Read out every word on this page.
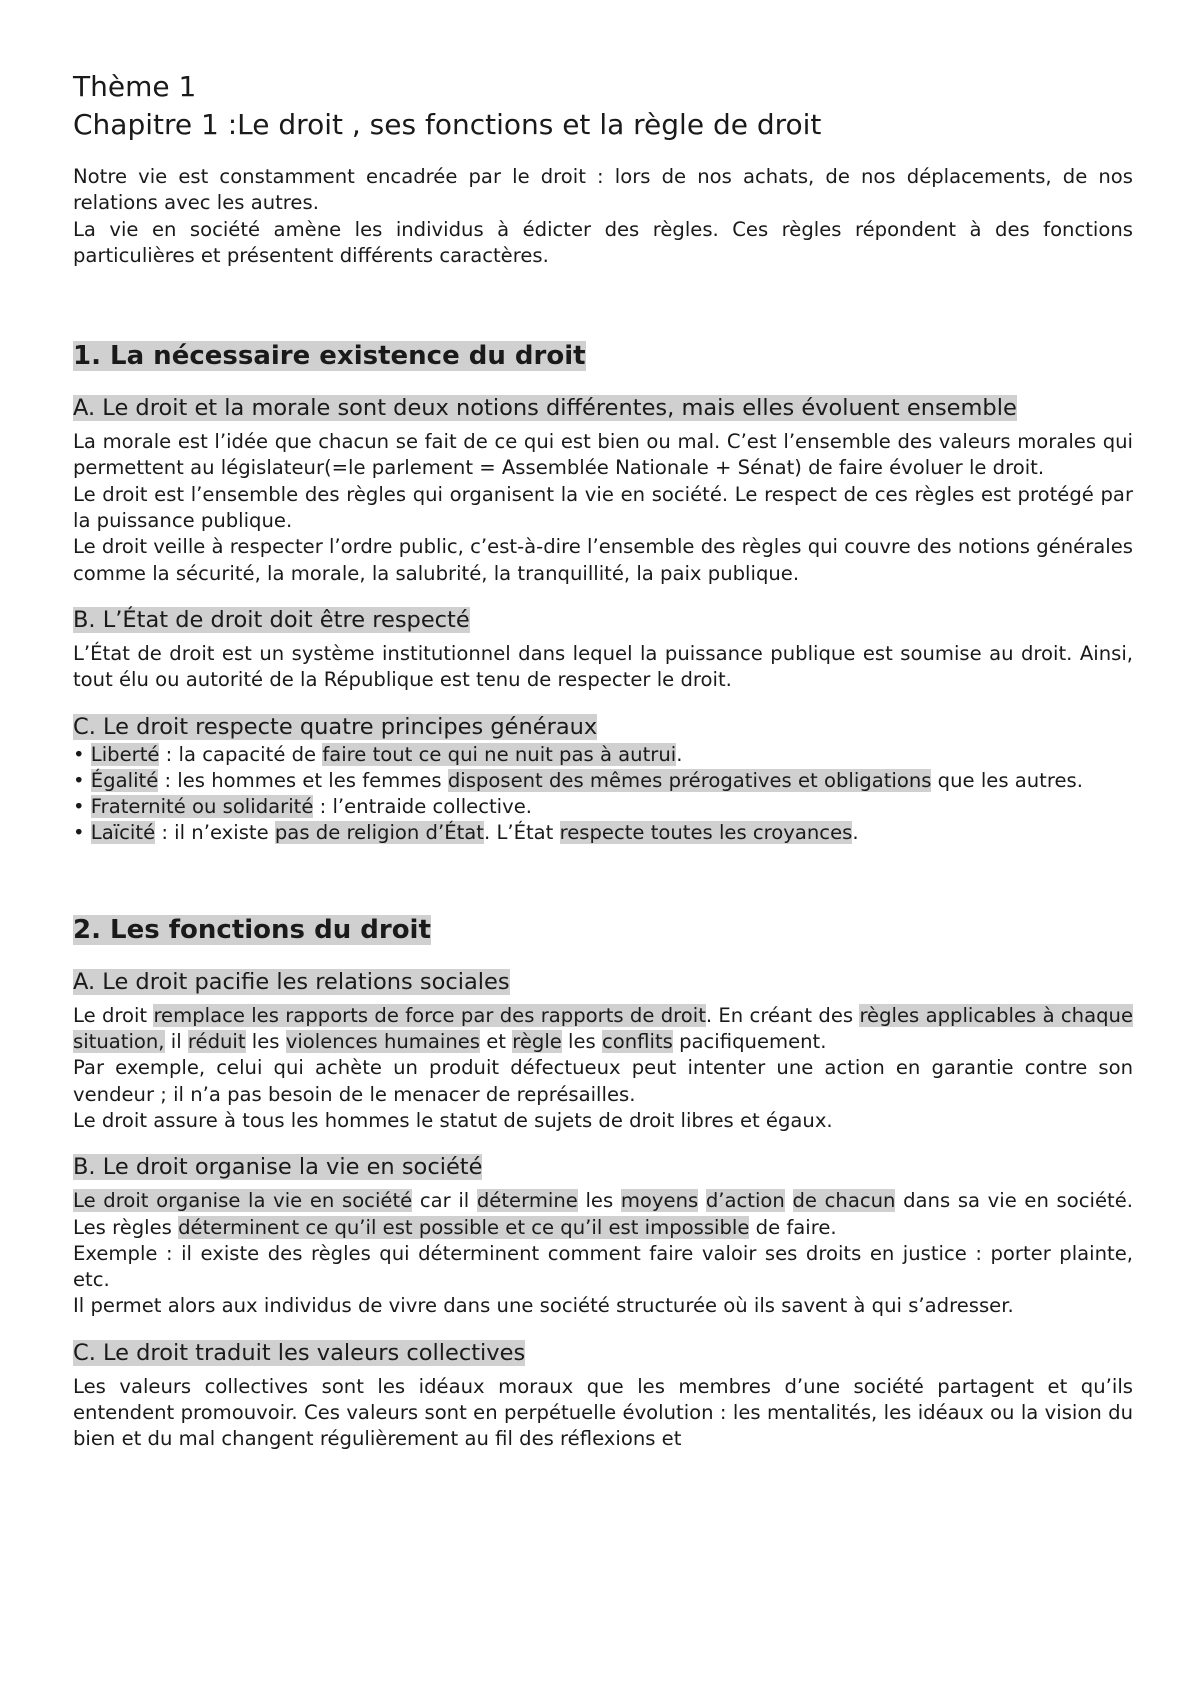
Thème 1
Chapitre 1 :Le droit , ses fonctions et la règle de droit

Notre vie est constamment encadrée par le droit : lors de nos achats, de nos déplacements, de nos relations avec les autres.

La vie en société amène les individus à édicter des règles. Ces règles répondent à des fonctions particulières et présentent différents caractères.

1. La nécessaire existence du droit
A. Le droit et la morale sont deux notions différentes, mais elles évoluent ensemble

La morale est l’idée que chacun se fait de ce qui est bien ou mal. C’est l’ensemble des valeurs morales qui permettent au législateur(=le parlement = Assemblée Nationale + Sénat) de faire évoluer le droit.

Le droit est l’ensemble des règles qui organisent la vie en société. Le respect de ces règles est protégé par la puissance publique.

Le droit veille à respecter l’ordre public, c’est-à-dire l’ensemble des règles qui couvre des notions générales comme la sécurité, la morale, la salubrité, la tranquillité, la paix publique.

B. L’État de droit doit être respecté

L’État de droit est un système institutionnel dans lequel la puissance publique est soumise au droit. Ainsi, tout élu ou autorité de la République est tenu de respecter le droit.

C. Le droit respecte quatre principes généraux
• Liberté : la capacité de faire tout ce qui ne nuit pas à autrui.
• Égalité : les hommes et les femmes disposent des mêmes prérogatives et obligations que les autres.
• Fraternité ou solidarité : l’entraide collective.
• Laïcité : il n’existe pas de religion d’État. L’État respecte toutes les croyances.
2. Les fonctions du droit
A. Le droit pacifie les relations sociales

Le droit remplace les rapports de force par des rapports de droit. En créant des règles applicables à chaque situation, il réduit les violences humaines et règle les conflits pacifiquement.

Par exemple, celui qui achète un produit défectueux peut intenter une action en garantie contre son vendeur ; il n’a pas besoin de le menacer de représailles.

Le droit assure à tous les hommes le statut de sujets de droit libres et égaux.

B. Le droit organise la vie en société

Le droit organise la vie en société car il détermine les moyens d’action de chacun dans sa vie en société. Les règles déterminent ce qu’il est possible et ce qu’il est impossible de faire.

Exemple : il existe des règles qui déterminent comment faire valoir ses droits en justice : porter plainte, etc.

Il permet alors aux individus de vivre dans une société structurée où ils savent à qui s’adresser.

C. Le droit traduit les valeurs collectives

Les valeurs collectives sont les idéaux moraux que les membres d’une société partagent et qu’ils entendent promouvoir. Ces valeurs sont en perpétuelle évolution : les mentalités, les idéaux ou la vision du bien et du mal changent régulièrement au fil des réflexions et
